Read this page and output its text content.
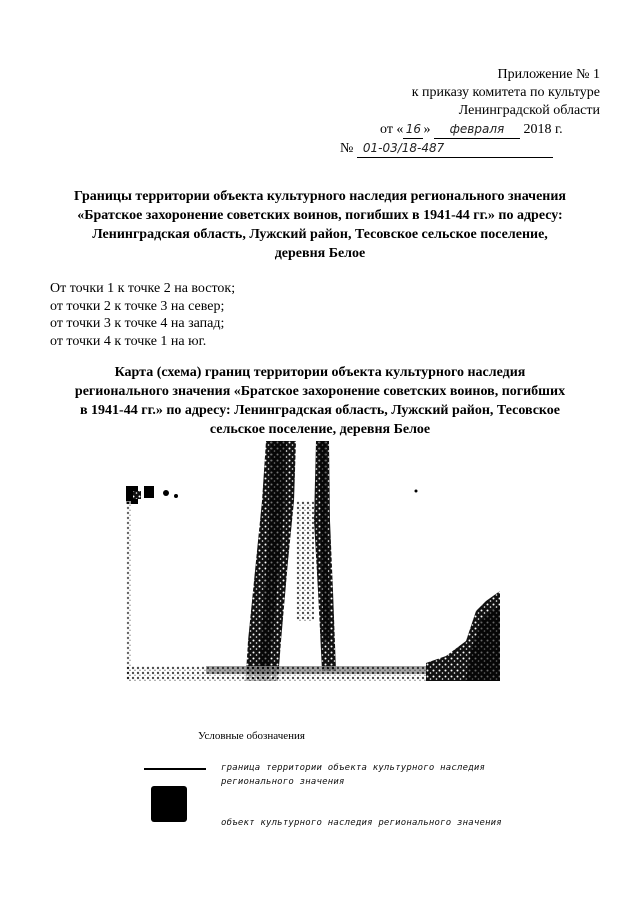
Приложение № 1
к приказу комитета по культуре
Ленинградской области
от « 16 » февраля 2018 г.
№ 01-03/18-487
Границы территории объекта культурного наследия регионального значения
«Братское захоронение советских воинов, погибших в 1941-44 гг.» по адресу:
Ленинградская область, Лужский район, Тесовское сельское поселение,
деревня Белое
От точки 1 к точке 2 на восток;
от точки 2 к точке 3 на север;
от точки 3 к точке 4 на запад;
от точки 4 к точке 1 на юг.
Карта (схема) границ территории объекта культурного наследия
регионального значения «Братское захоронение советских воинов, погибших
в 1941-44 гг.» по адресу: Ленинградская область, Лужский район, Тесовское
сельское поселение, деревня Белое
Условные обозначения
граница территории объекта культурного наследия
регионального значения
объект культурного наследия регионального значения
